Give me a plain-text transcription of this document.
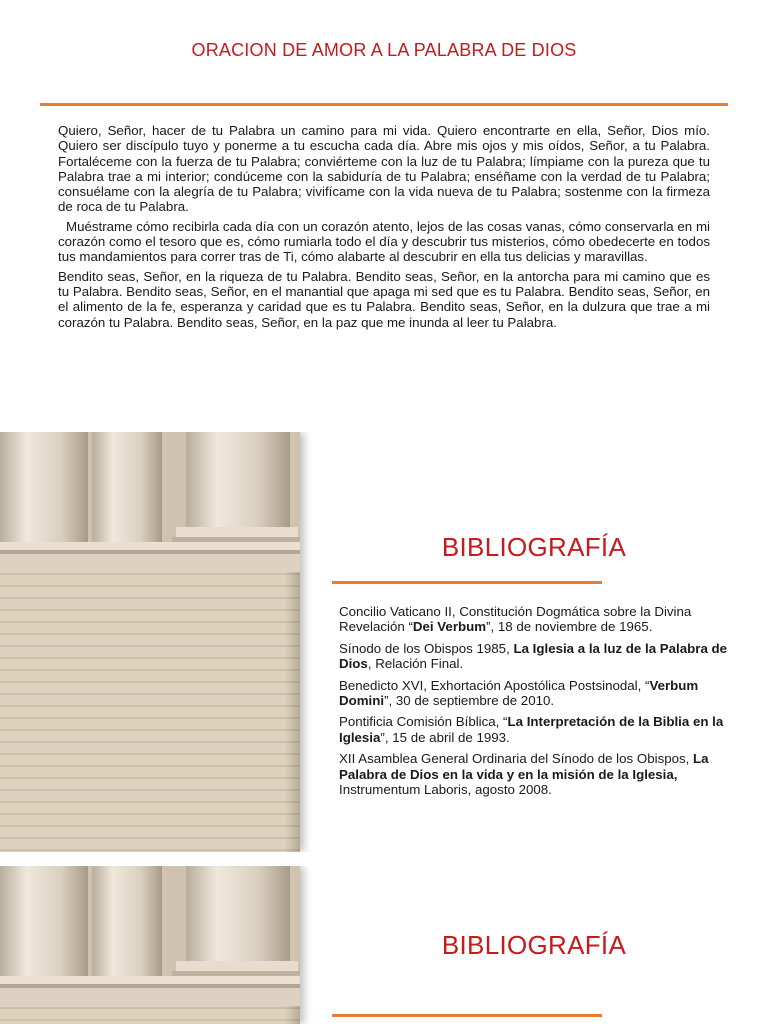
ORACION DE AMOR A LA PALABRA DE DIOS

Quiero, Señor, hacer de tu Palabra un camino para mi vida. Quiero encontrarte en ella, Señor, Dios mío. Quiero ser discípulo tuyo y ponerme a tu escucha cada día. Abre mis ojos y mis oídos, Señor, a tu Palabra. Fortaléceme con la fuerza de tu Palabra; conviérteme con la luz de tu Palabra; límpiame con la pureza que tu Palabra trae a mi interior; condúceme con la sabiduría de tu Palabra; enséñame con la verdad de tu Palabra; consuélame con la alegría de tu Palabra; vivifícame con la vida nueva de tu Palabra; sostenme con la firmeza de roca de tu Palabra.

Muéstrame cómo recibirla cada día con un corazón atento, lejos de las cosas vanas, cómo conservarla en mi corazón como el tesoro que es, cómo rumiarla todo el día y descubrir tus misterios, cómo obedecerte en todos tus mandamientos para correr tras de Ti, cómo alabarte al descubrir en ella tus delicias y maravillas.

Bendito seas, Señor, en la riqueza de tu Palabra. Bendito seas, Señor, en la antorcha para mi camino que es tu Palabra. Bendito seas, Señor, en el manantial que apaga mi sed que es tu Palabra. Bendito seas, Señor, en el alimento de la fe, esperanza y caridad que es tu Palabra. Bendito seas, Señor, en la dulzura que trae a mi corazón tu Palabra. Bendito seas, Señor, en la paz que me inunda al leer tu Palabra.

BIBLIOGRAFÍA
Concilio Vaticano II, Constitución Dogmática sobre la Divina Revelación “Dei Verbum”, 18 de noviembre de 1965.
Sínodo de los Obispos 1985, La Iglesia a la luz de la Palabra de Dios, Relación Final.
Benedicto XVI, Exhortación Apostólica Postsinodal, “Verbum Domini”, 30 de septiembre de 2010.
Pontificia Comisión Bíblica, “La Interpretación de la Biblia en la Iglesia”, 15 de abril de 1993.
XII Asamblea General Ordinaria del Sínodo de los Obispos, La Palabra de Dios en la vida y en la misión de la Iglesia, Instrumentum Laboris, agosto 2008.
BIBLIOGRAFÍA
